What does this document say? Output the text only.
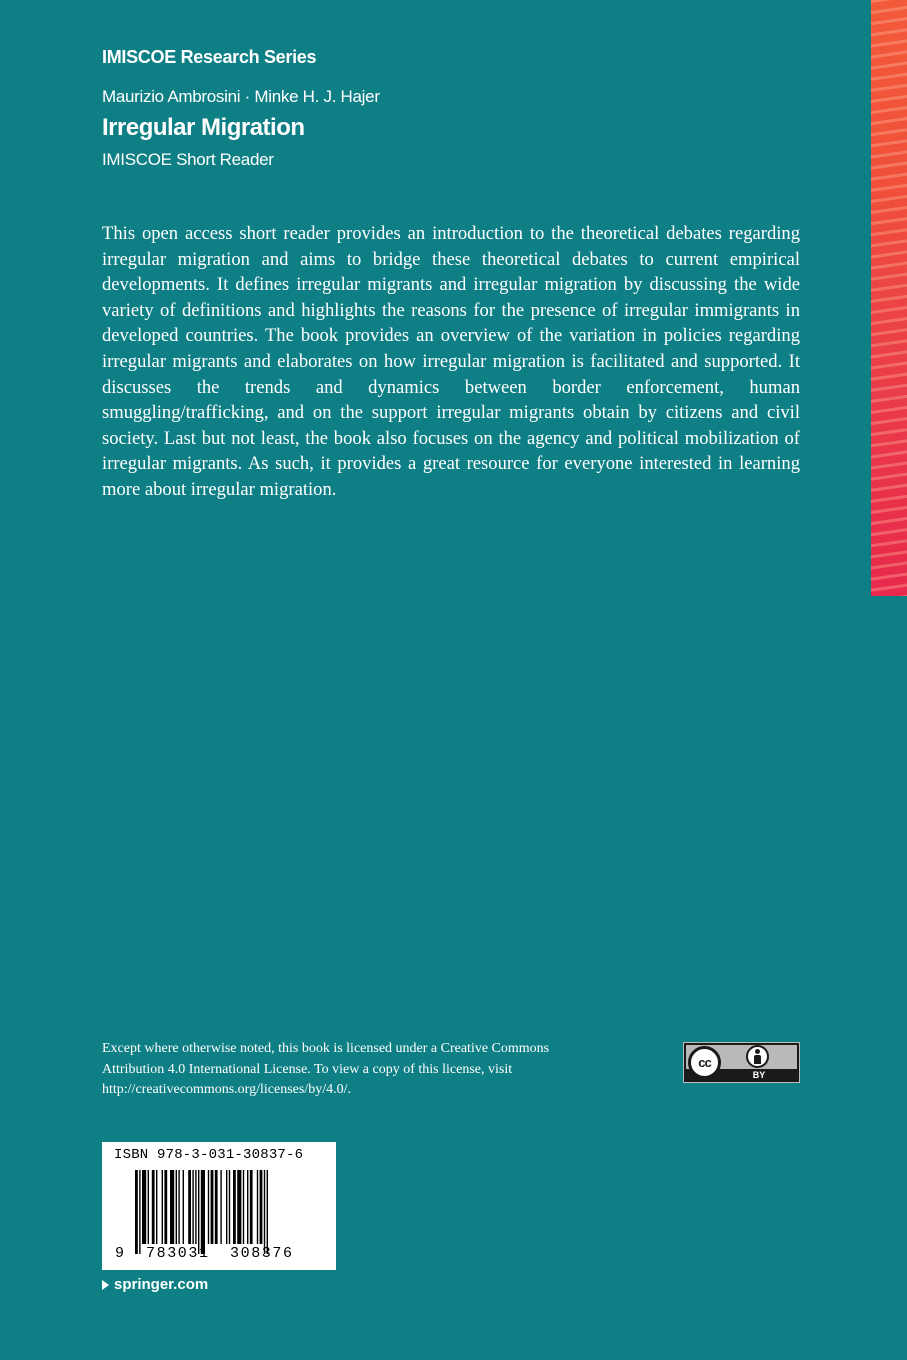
IMISCOE Research Series
Maurizio Ambrosini · Minke H. J. Hajer
Irregular Migration
IMISCOE Short Reader

This open access short reader provides an introduction to the theoretical debates regarding irregular migration and aims to bridge these theoretical debates to current empirical developments. It defines irregular migrants and irregular migration by discussing the wide variety of definitions and highlights the reasons for the presence of irregular immigrants in developed countries. The book provides an overview of the variation in policies regarding irregular migrants and elaborates on how irregular migration is facilitated and supported. It discusses the trends and dynamics between border enforcement, human smuggling/trafficking, and on the support irregular migrants obtain by citizens and civil society. Last but not least, the book also focuses on the agency and political mobilization of irregular migrants. As such, it provides a great resource for everyone interested in learning more about irregular migration.

Except where otherwise noted, this book is licensed under a Creative Commons Attribution 4.0 International License. To view a copy of this license, visit http://creativecommons.org/licenses/by/4.0/.

cc
BY
ISBN 978-3-031-30837-6
9 783031 308376
springer.com
